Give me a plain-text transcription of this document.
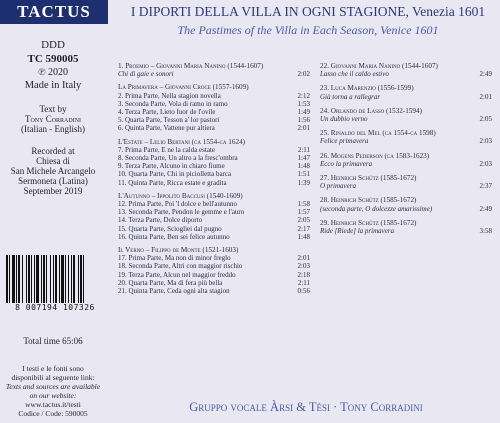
TACTUS	I DIPORTI DELLA VILLA IN OGNI STAGIONE, Venezia 1601
The Pastimes of the Villa in Each Season, Venice 1601
DDD
TC 590005
℗ 2020
Made in Italy
Text by
Tony Corradini
(Italian - English)
Recorded at
Chiesa di
San Michele Arcangelo
Sermoneta (Latina)
September 2019
8 007194 107326
Total time 65:06
I testi e le fonti sono
disponibili al seguente link:
Texts and sources are available
on our website:
www.tactus.it/testi
Codice / Code: 590005
1. Proemio – Giovanni Maria Nanino (1544-1607)
Chi di gaie e sonori	2:02
La Primavera – Giovanni Croce (1557-1609)
2. Prima Parte, Nella stagion novella	2:12
3. Seconda Parte, Vola di ramo in ramo	1:53
4. Terza Parte, Lieto fuor de l'ovile	1:49
5. Quarta Parte, Tesson a' lor pastori	1:56
6. Quinta Parte, Vattene pur altiera	2:01
L'Estate – Lelio Bertani (ca 1554-ca 1624)
7. Prima Parte, E ne la calda estate	2:11
8. Seconda Parte, Un altro a la fresc'ombra	1:47
9. Terza Parte, Alcuno in chiaro fiume	1:48
10. Quarta Parte, Chi in piciolletta barca	1:51
11. Quinta Parte, Ricca estate e gradita	1:39
L'Autunno – Ippolito Baccusi (1540-1609)
12. Prima Parte, Poi 'l dolce e bell'autunno	1:58
13. Seconda Parte, Pendon le gemme e l'auro	1:57
14. Terza Parte, Dolce diporto	2:05
15. Quarta Parte, Sciogliei dal pugno	2:17
16. Quinta Parte, Ben sei felice autunno	1:48
Il Verno – Filippo de Monte (1521-1603)
17. Prima Parte, Ma non di minor freglo	2:01
18. Seconda Parte, Altri con maggior rischio	2:03
19. Terza Parte, Alcun nel maggior freddo	2:18
20. Quarta Parte, Ma di fera più bella	2:11
21. Quinta Parte, Ceda ogni alta stagion	0:56
22. Giovanni Maria Nanino (1544-1607)
Lasso che il caldo estivo	2:49
23. Luca Marenzio (1556-1599)
Già torna a rallegrar	2:01
24. Orlando de Lasso (1532-1594)
Un dubbio verno	2:05
25. Rinaldo del Mel (ca 1554-ca 1598)
Felice primavera	2:03
26. Mogens Pederson (ca 1583-1623)
Ecco la primavera	2:03
27. Heinrich Schütz (1585-1672)
O primavera	2:37
28. Heinrich Schütz (1585-1672)
(seconda parte, O dolcezze amarissime)	2:49
29. Heinrich Schütz (1585-1672)
Ride [Riede] la primavera	3:58
Gruppo vocale Àrsi & Tèsi · Tony Corradini
